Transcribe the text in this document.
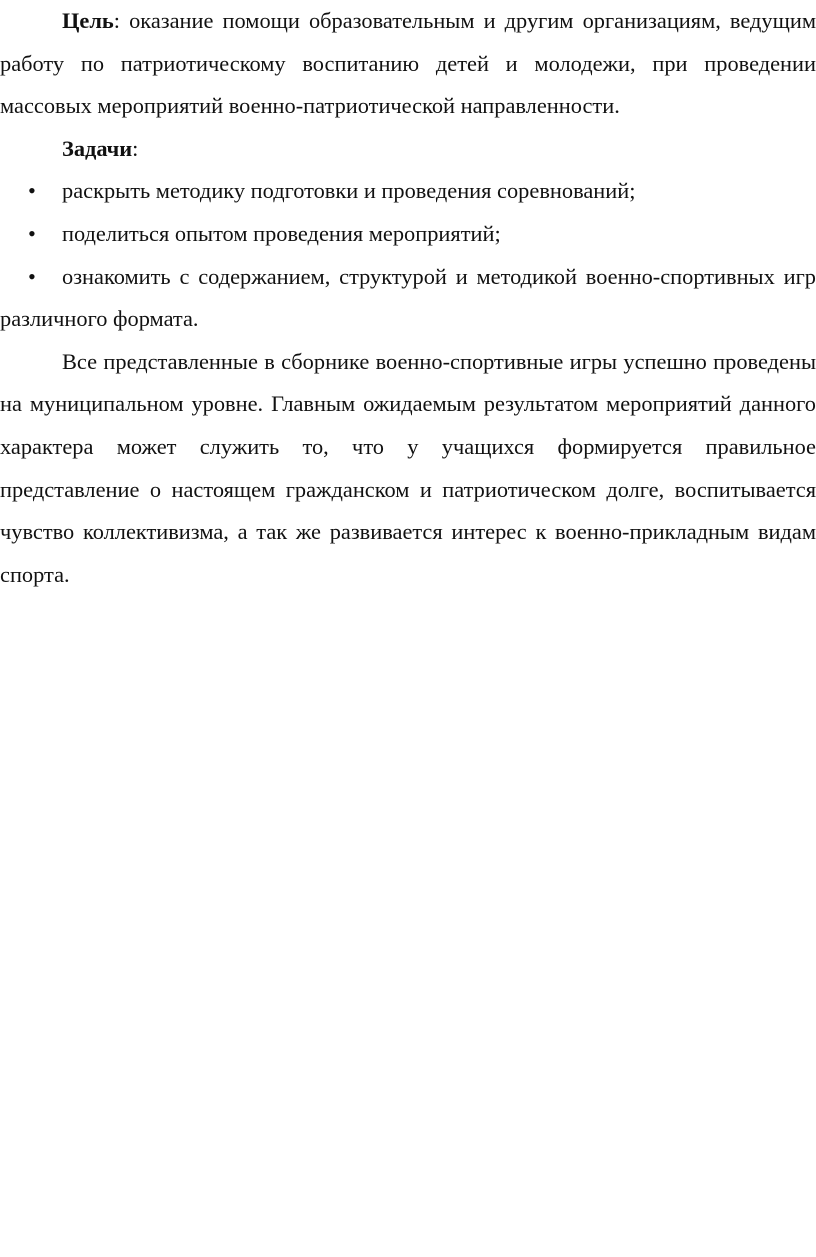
Цель: оказание помощи образовательным и другим организациям, ведущим работу по патриотическому воспитанию детей и молодежи, при проведении массовых мероприятий военно-патриотической направленности.

Задачи:

• раскрыть методику подготовки и проведения соревнований;

• поделиться опытом проведения мероприятий;

• ознакомить с содержанием, структурой и методикой военно-спортивных игр различного формата.

Все представленные в сборнике военно-спортивные игры успешно проведены на муниципальном уровне. Главным ожидаемым результатом мероприятий данного характера может служить то, что у учащихся формируется правильное представление о настоящем гражданском и патриотическом долге, воспитывается чувство коллективизма, а так же развивается интерес к военно-прикладным видам спорта.
